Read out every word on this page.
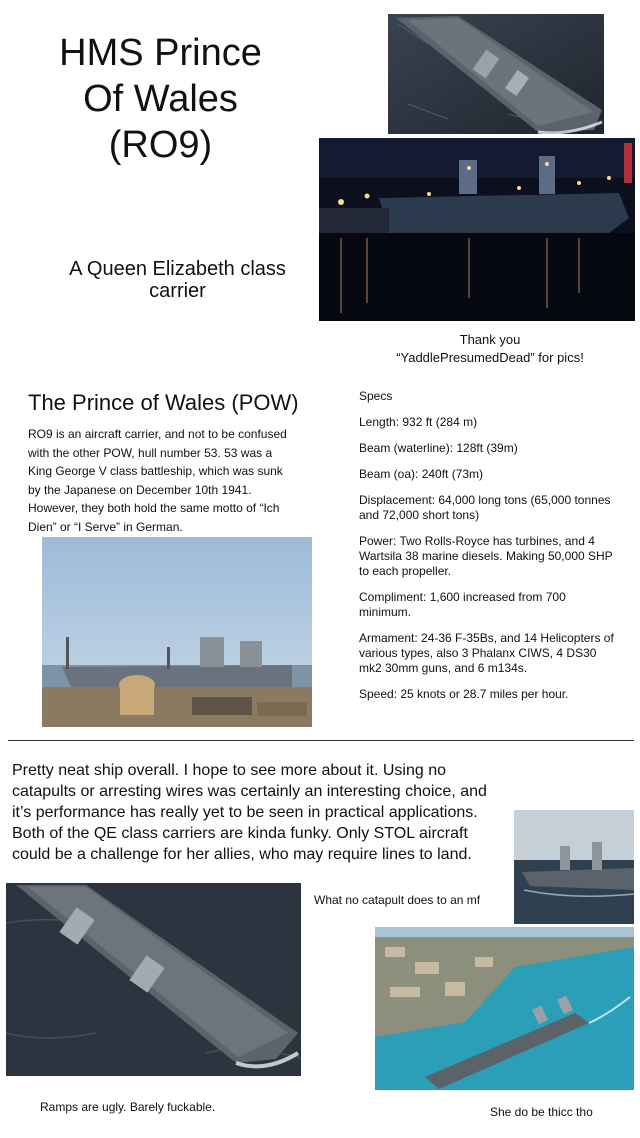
HMS Prince
Of Wales
(RO9)
A Queen Elizabeth class
carrier
Thank you
“YaddlePresumedDead” for pics!
The Prince of Wales (POW)
RO9 is an aircraft carrier, and not to be confused
with the other POW, hull number 53. 53 was a
King George V class battleship, which was sunk
by the Japanese on December 10th 1941.
However, they both hold the same motto of “Ich
Dien” or “I Serve” in German.
Specs

Length: 932 ft (284 m)

Beam (waterline): 128ft (39m)

Beam (oa): 240ft (73m)

Displacement: 64,000 long tons (65,000 tonnes
and 72,000 short tons)

Power: Two Rolls-Royce has turbines, and 4
Wartsila 38 marine diesels. Making 50,000 SHP
to each propeller.

Compliment: 1,600 increased from 700
minimum.

Armament: 24-36 F-35Bs, and 14 Helicopters of
various types, also 3 Phalanx CIWS, 4 DS30
mk2 30mm guns, and 6 m134s.

Speed: 25 knots or 28.7 miles per hour.

Pretty neat ship overall. I hope to see more about it. Using no
catapults or arresting wires was certainly an interesting choice, and
it’s performance has really yet to be seen in practical applications.
Both of the QE class carriers are kinda funky. Only STOL aircraft
could be a challenge for her allies, who may require lines to land.
What no catapult does to an mf
Ramps are ugly. Barely fuckable.	She do be thicc tho
